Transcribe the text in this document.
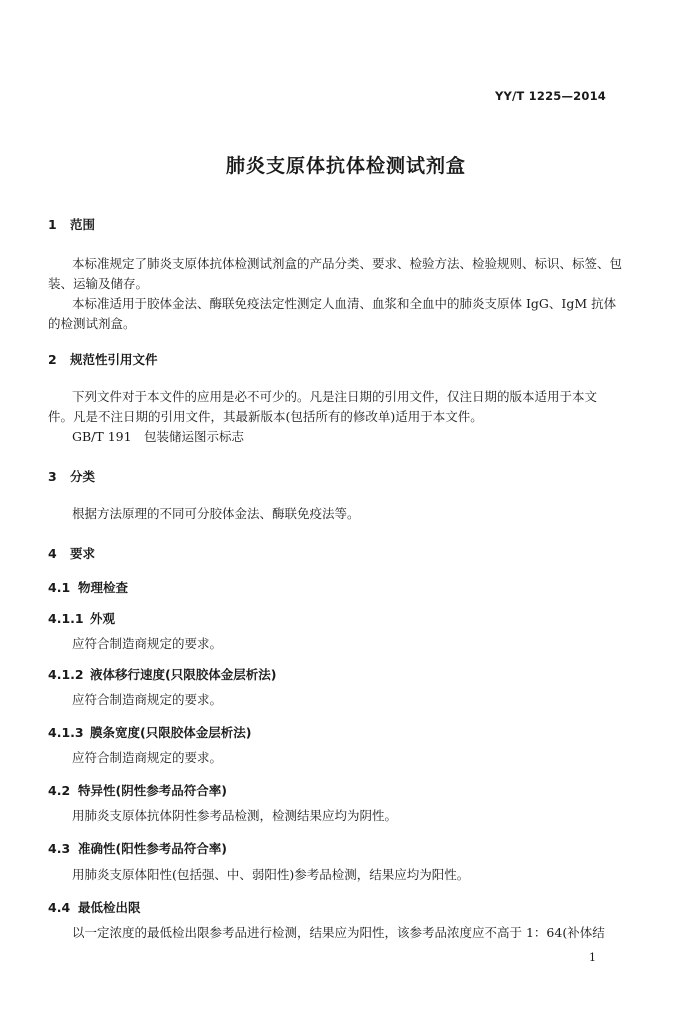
YY/T 1225—2014
肺炎支原体抗体检测试剂盒
1 范围
本标准规定了肺炎支原体抗体检测试剂盒的产品分类、要求、检验方法、检验规则、标识、标签、包
装、运输及储存。
本标准适用于胶体金法、酶联免疫法定性测定人血清、血浆和全血中的肺炎支原体 IgG、IgM 抗体
的检测试剂盒。
2 规范性引用文件
下列文件对于本文件的应用是必不可少的。凡是注日期的引用文件，仅注日期的版本适用于本文
件。凡是不注日期的引用文件，其最新版本(包括所有的修改单)适用于本文件。
GB/T 191　包装储运图示标志
3 分类
根据方法原理的不同可分胶体金法、酶联免疫法等。
4 要求
4.1 物理检查
4.1.1 外观
应符合制造商规定的要求。
4.1.2 液体移行速度(只限胶体金层析法)
应符合制造商规定的要求。
4.1.3 膜条宽度(只限胶体金层析法)
应符合制造商规定的要求。
4.2 特异性(阴性参考品符合率)
用肺炎支原体抗体阴性参考品检测，检测结果应均为阴性。
4.3 准确性(阳性参考品符合率)
用肺炎支原体阳性(包括强、中、弱阳性)参考品检测，结果应均为阳性。
4.4 最低检出限
以一定浓度的最低检出限参考品进行检测，结果应为阳性，该参考品浓度应不高于 1：64(补体结
1
